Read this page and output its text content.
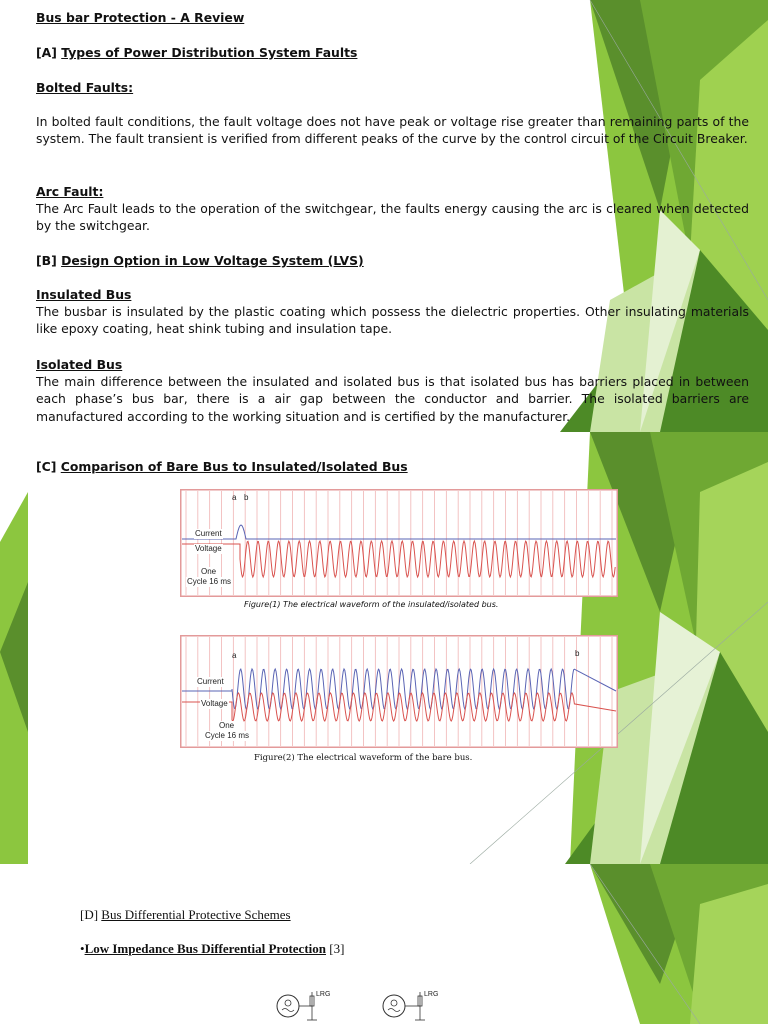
Bus bar Protection - A Review
[A] Types of Power Distribution System Faults
Bolted Faults:
In bolted fault conditions, the fault voltage does not have peak or voltage rise greater than remaining parts of the system. The fault transient is verified from different peaks of the curve by the control circuit of the Circuit Breaker.
Arc Fault:
The Arc Fault leads to the operation of the switchgear, the faults energy causing the arc is cleared when detected by the switchgear.
[B] Design Option in Low Voltage System (LVS)
Insulated Bus
The busbar is insulated by the plastic coating which possess the dielectric properties. Other insulating materials like epoxy coating, heat shink tubing and insulation tape.
Isolated Bus
The main difference between the insulated and isolated bus is that isolated bus has barriers placed in between each phase’s bus bar, there is a air gap between the conductor and barrier. The isolated barriers are manufactured according to the working situation and is certified by the manufacturer.
[C] Comparison of Bare Bus to Insulated/Isolated Bus
a b
Current
Voltage
One
Cycle 16 ms
Figure(1) The electrical waveform of the insulated/isolated bus.
a	b
Current
Voltage
One
Cycle 16 ms
Figure(2) The electrical waveform of the bare bus.
[D] Bus Differential Protective Schemes
•Low Impedance Bus Differential Protection [3]
LRG	LRG
